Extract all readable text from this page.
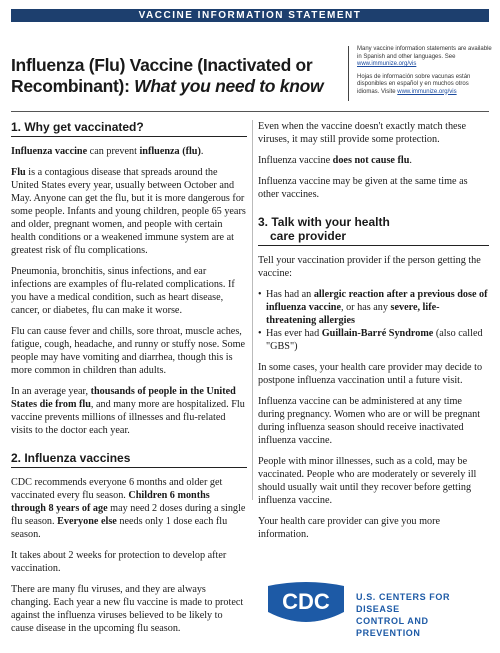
VACCINE INFORMATION STATEMENT
Influenza (Flu) Vaccine (Inactivated or
Recombinant): What you need to know

Many vaccine information statements are available in Spanish and other languages. See www.immunize.org/vis

Hojas de información sobre vacunas están disponibles en español y en muchos otros idiomas. Visite www.immunize.org/vis

1. Why get vaccinated?

Influenza vaccine can prevent influenza (flu).

Flu is a contagious disease that spreads around the United States every year, usually between October and May. Anyone can get the flu, but it is more dangerous for some people. Infants and young children, people 65 years and older, pregnant women, and people with certain health conditions or a weakened immune system are at greatest risk of flu complications.

Pneumonia, bronchitis, sinus infections, and ear infections are examples of flu-related complications. If you have a medical condition, such as heart disease, cancer, or diabetes, flu can make it worse.

Flu can cause fever and chills, sore throat, muscle aches, fatigue, cough, headache, and runny or stuffy nose. Some people may have vomiting and diarrhea, though this is more common in children than adults.

In an average year, thousands of people in the United States die from flu, and many more are hospitalized. Flu vaccine prevents millions of illnesses and flu-related visits to the doctor each year.

2. Influenza vaccines

CDC recommends everyone 6 months and older get vaccinated every flu season. Children 6 months through 8 years of age may need 2 doses during a single flu season. Everyone else needs only 1 dose each flu season.

It takes about 2 weeks for protection to develop after vaccination.

There are many flu viruses, and they are always changing. Each year a new flu vaccine is made to protect against the influenza viruses believed to be likely to cause disease in the upcoming flu season.

Even when the vaccine doesn't exactly match these viruses, it may still provide some protection.

Influenza vaccine does not cause flu.

Influenza vaccine may be given at the same time as other vaccines.

3. Talk with your health
care provider

Tell your vaccination provider if the person getting the vaccine:

• Has had an allergic reaction after a previous dose of influenza vaccine, or has any severe, life-threatening allergies
• Has ever had Guillain-Barré Syndrome (also called "GBS")

In some cases, your health care provider may decide to postpone influenza vaccination until a future visit.

Influenza vaccine can be administered at any time during pregnancy. Women who are or will be pregnant during influenza season should receive inactivated influenza vaccine.

People with minor illnesses, such as a cold, may be vaccinated. People who are moderately or severely ill should usually wait until they recover before getting influenza vaccine.

Your health care provider can give you more information.

CDC	U.S. CENTERS FOR DISEASE
CONTROL AND PREVENTION
